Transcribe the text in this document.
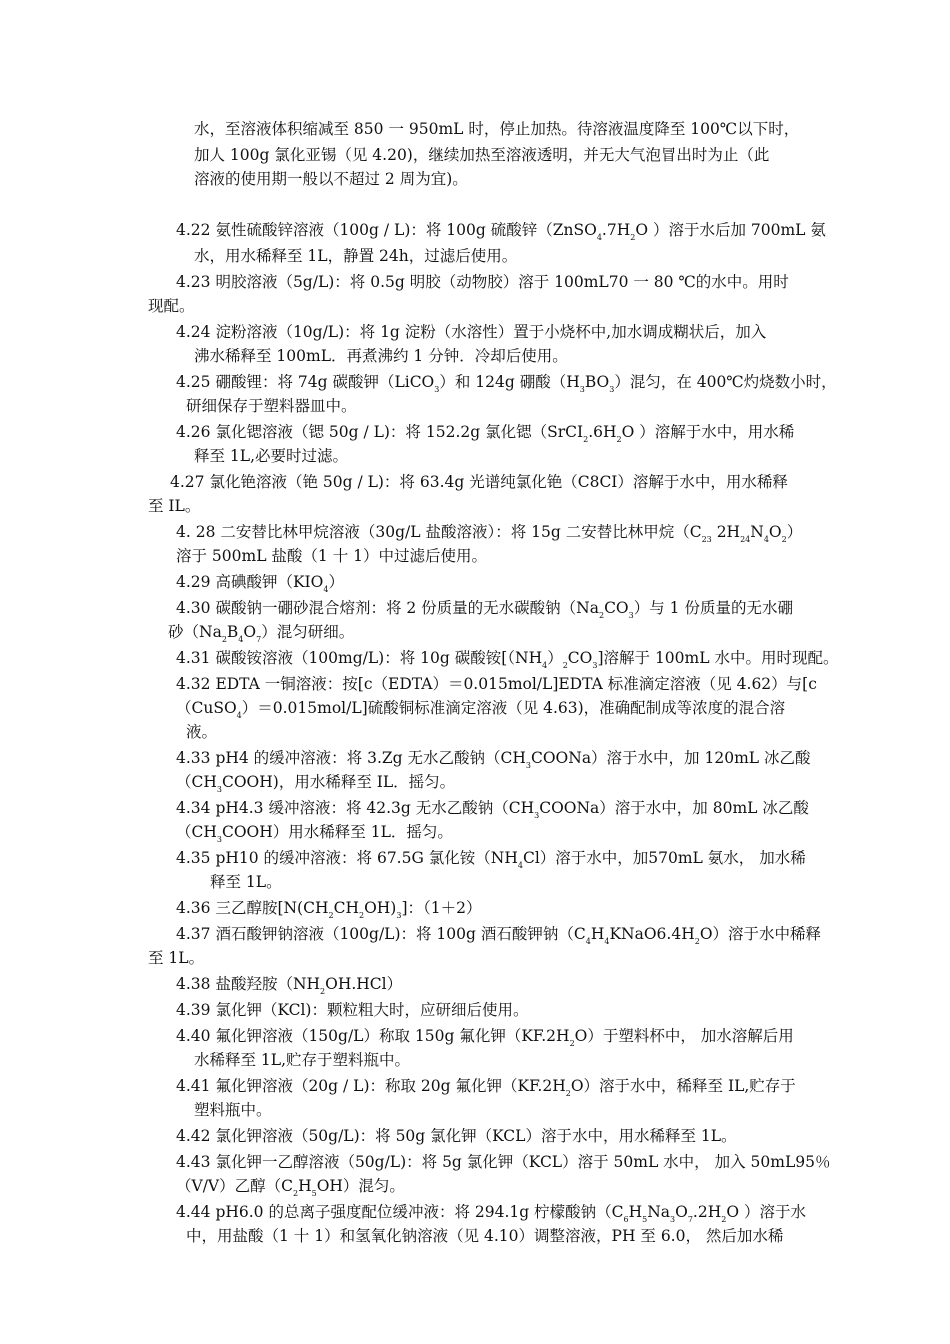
水，至溶液体积缩减至 850 一 950mL 时，停止加热。待溶液温度降至 100℃以下时，
加人 100g 氯化亚锡（见 4.20)，继续加热至溶液透明，并无大气泡冒出时为止（此
溶液的使用期一般以不超过 2 周为宜)。
4.22 氨性硫酸锌溶液（100g / L)：将 100g 硫酸锌（$ZnSO_4.7H_2O$ ）溶于水后加 700mL 氨
水，用水稀释至 1L，静置 24h，过滤后使用。
4.23 明胶溶液（5g/L)：将 0.5g 明胶（动物胶）溶于 100mL70 一 80 ℃的水中。用时
现配。
4.24 淀粉溶液（10g/L)：将 1g 淀粉（水溶性）置于小烧杯中,加水调成糊状后，加入
沸水稀释至 100mL．再煮沸约 1 分钟．冷却后使用。
4.25 硼酸锂：将 74g 碳酸钾（LiCO$_3$）和 124g 硼酸$(H_3BO_3)$混匀，在 400℃灼烧数小时，
研细保存于塑料器皿中。
4.26 氯化锶溶液（锶 50g / L)：将 152.2g 氯化锶（$SrCI_2.6H_2O$ ）溶解于水中，用水稀
释至 1L,必要时过滤。
4.27 氯化铯溶液（铯 50g / L)：将 63.4g 光谱纯氯化铯（C8CI）溶解于水中，用水稀释
至 IL。
4. 28 二安替比林甲烷溶液（30g/L 盐酸溶液）：将 15g 二安替比林甲烷（$C_{23}$ $2H_{24}N_4O_2$）
溶于 500mL 盐酸（1 十 1）中过滤后使用。
4.29 高碘酸钾$(KIO_4)$
4.30 碳酸钠一硼砂混合熔剂：将 2 份质量的无水碳酸钠$(Na_2CO_3)$与 1 份质量的无水硼
砂$(Na_2B_4O_7)$混匀研细。
4.31 碳酸铵溶液（100mg/L)：将 10g 碳酸铵$[(NH_4)_2CO_3]$溶解于 100mL 水中。用时现配。
4.32 EDTA 一铜溶液：按[c（EDTA）＝0.015mol/L]EDTA 标准滴定溶液（见 4.62）与[c
（CuSO$_4$）＝0.015mol/L]硫酸铜标准滴定溶液（见 4.63)，准确配制成等浓度的混合溶
液。
4.33 pH4 的缓冲溶液：将 3.Zg 无水乙酸钠$(CH_3COONa)$溶于水中，加 120mL 冰乙酸
$(CH_3COOH)$，用水稀释至 IL．摇匀。
4.34 pH4.3 缓冲溶液：将 42.3g 无水乙酸钠$(CH_3COONa)$溶于水中，加 80mL 冰乙酸
$(CH_3COOH)$用水稀释至 1L．摇匀。
4.35 pH10 的缓冲溶液：将 67.5G 氯化铵$(NH_4Cl)$溶于水中，加570mL 氨水， 加水稀
释至 1L。
4.36 三乙醇胺$[N(CH_2CH_2OH)_3]$：（1＋2）
4.37 酒石酸钾钠溶液（100g/L)：将 100g 酒石酸钾钠$(C_4H_4KNaO6.4H_2O)$溶于水中稀释
至 1L。
4.38 盐酸羟胺$(NH_2OH.HCl)$
4.39 氯化钾（KCl)：颗粒粗大时，应研细后使用。
4.40 氟化钾溶液（150g/L）称取 150g 氟化钾$(KF.2H_2O)$于塑料杯中， 加水溶解后用
水稀释至 1L,贮存于塑料瓶中。
4.41 氟化钾溶液（20g / L)：称取 20g 氟化钾$(KF.2H_2O)$溶于水中，稀释至 IL,贮存于
塑料瓶中。
4.42 氯化钾溶液（50g/L)：将 50g 氯化钾（KCL）溶于水中，用水稀释至 1L。
4.43 氯化钾一乙醇溶液（50g/L)：将 5g 氯化钾（KCL）溶于 50mL 水中， 加入 50mL95％
（V/V）乙醇$(C_2H_5OH)$混匀。
4.44 pH6.0 的总离子强度配位缓冲液：将 294.1g 柠檬酸钠（$C_6H_5Na_3O_7.2H_2O$ ）溶于水
中，用盐酸（1 十 1）和氢氧化钠溶液（见 4.10）调整溶液，PH 至 6.0， 然后加水稀
